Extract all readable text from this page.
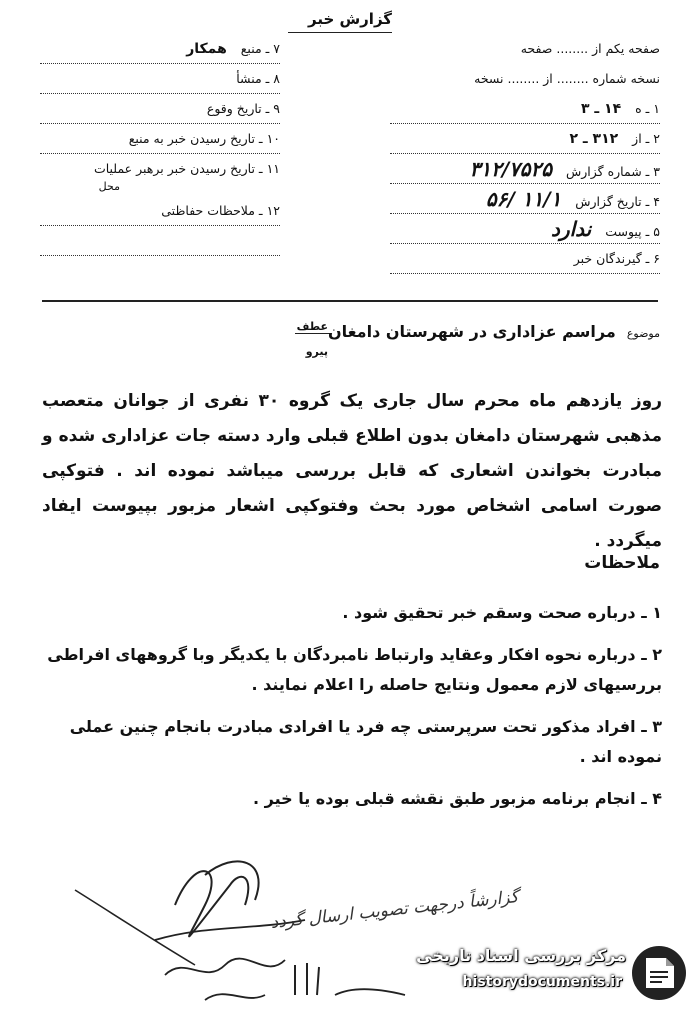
گزارش خبر
صفحه یکم از ........ صفحه
نسخه شماره ........ از ........ نسخه
۱ ـ ه ۱۴ ـ ۳
۲ ـ از ۳۱۲ ـ ۲
۳ ـ شماره گزارش ۳۱۲/۷۵۲۵
۴ ـ تاریخ گزارش ۱۱/۱ /۵۶
۵ ـ پیوست ندارد
۶ ـ گیرندگان خبر
۷ ـ منبع همکار
۸ ـ منشأ
۹ ـ تاریخ وقوع
۱۰ ـ تاریخ رسیدن خبر به منبع
۱۱ ـ تاریخ رسیدن خبر برهبر عملیات
محل
۱۲ ـ ملاحظات حفاظتی
عطف
پیرو
موضوع مراسم عزاداری در شهرستان دامغان

روز یازدهم ماه محرم سال جاری یک گروه ۳۰ نفری از جوانان متعصب مذهبی شهرستان دامغان بدون اطلاع قبلی وارد دسته جات عزاداری شده و مبادرت بخواندن اشعاری که قابل بررسی میباشد نموده اند . فتوکپی صورت اسامی اشخاص مورد بحث وفتوکپی اشعار مزبور بپیوست ایفاد میگردد .

ملاحظات
۱ ـ درباره صحت وسقم خبر تحقیق شود .
۲ ـ درباره نحوه افکار وعقاید وارتباط نامبردگان با یکدیگر وبا گروههای افراطی بررسیهای لازم معمول ونتایج حاصله را اعلام نمایند .
۳ ـ افراد مذکور تحت سرپرستی چه فرد یا افرادی مبادرت بانجام چنین عملی نموده اند .
۴ ـ انجام برنامه مزبور طبق نقشه قبلی بوده یا خیر .
گزارشاً درجهت تصویب ارسال گردد
مرکز بررسی اسناد تاریخی
historydocuments.ir
